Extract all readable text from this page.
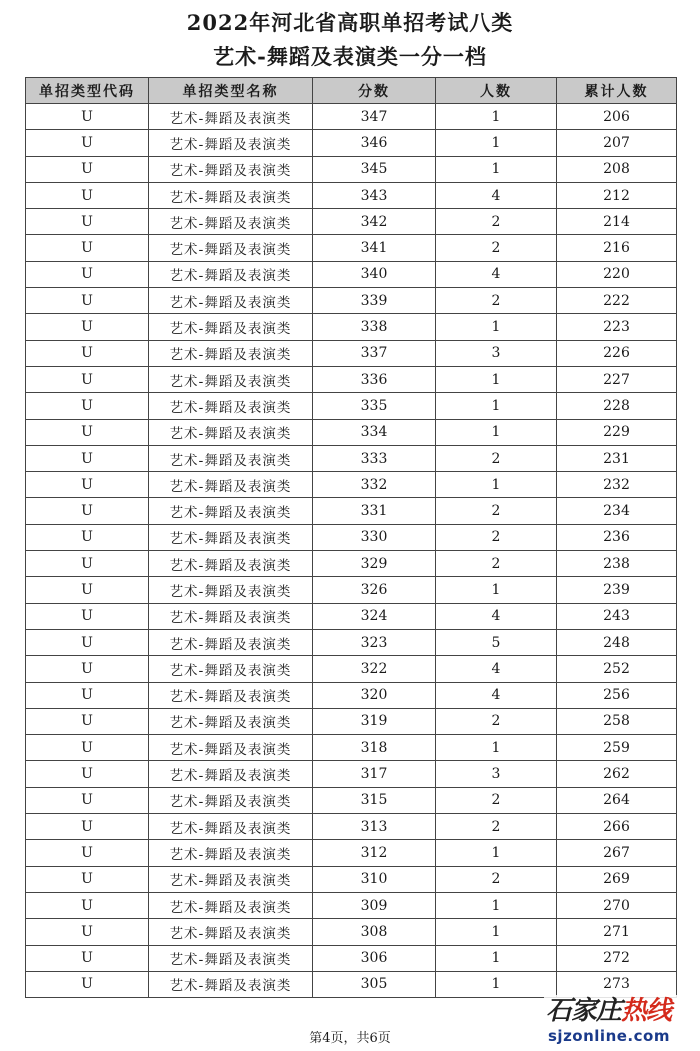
2022年河北省高职单招考试八类
艺术-舞蹈及表演类一分一档
单招类型代码	单招类型名称	分数	人数	累计人数
U	艺术-舞蹈及表演类	347	1	206
U	艺术-舞蹈及表演类	346	1	207
U	艺术-舞蹈及表演类	345	1	208
U	艺术-舞蹈及表演类	343	4	212
U	艺术-舞蹈及表演类	342	2	214
U	艺术-舞蹈及表演类	341	2	216
U	艺术-舞蹈及表演类	340	4	220
U	艺术-舞蹈及表演类	339	2	222
U	艺术-舞蹈及表演类	338	1	223
U	艺术-舞蹈及表演类	337	3	226
U	艺术-舞蹈及表演类	336	1	227
U	艺术-舞蹈及表演类	335	1	228
U	艺术-舞蹈及表演类	334	1	229
U	艺术-舞蹈及表演类	333	2	231
U	艺术-舞蹈及表演类	332	1	232
U	艺术-舞蹈及表演类	331	2	234
U	艺术-舞蹈及表演类	330	2	236
U	艺术-舞蹈及表演类	329	2	238
U	艺术-舞蹈及表演类	326	1	239
U	艺术-舞蹈及表演类	324	4	243
U	艺术-舞蹈及表演类	323	5	248
U	艺术-舞蹈及表演类	322	4	252
U	艺术-舞蹈及表演类	320	4	256
U	艺术-舞蹈及表演类	319	2	258
U	艺术-舞蹈及表演类	318	1	259
U	艺术-舞蹈及表演类	317	3	262
U	艺术-舞蹈及表演类	315	2	264
U	艺术-舞蹈及表演类	313	2	266
U	艺术-舞蹈及表演类	312	1	267
U	艺术-舞蹈及表演类	310	2	269
U	艺术-舞蹈及表演类	309	1	270
U	艺术-舞蹈及表演类	308	1	271
U	艺术-舞蹈及表演类	306	1	272
U	艺术-舞蹈及表演类	305	1	273
第4页，共6页
石家庄热线
sjzonline.com
